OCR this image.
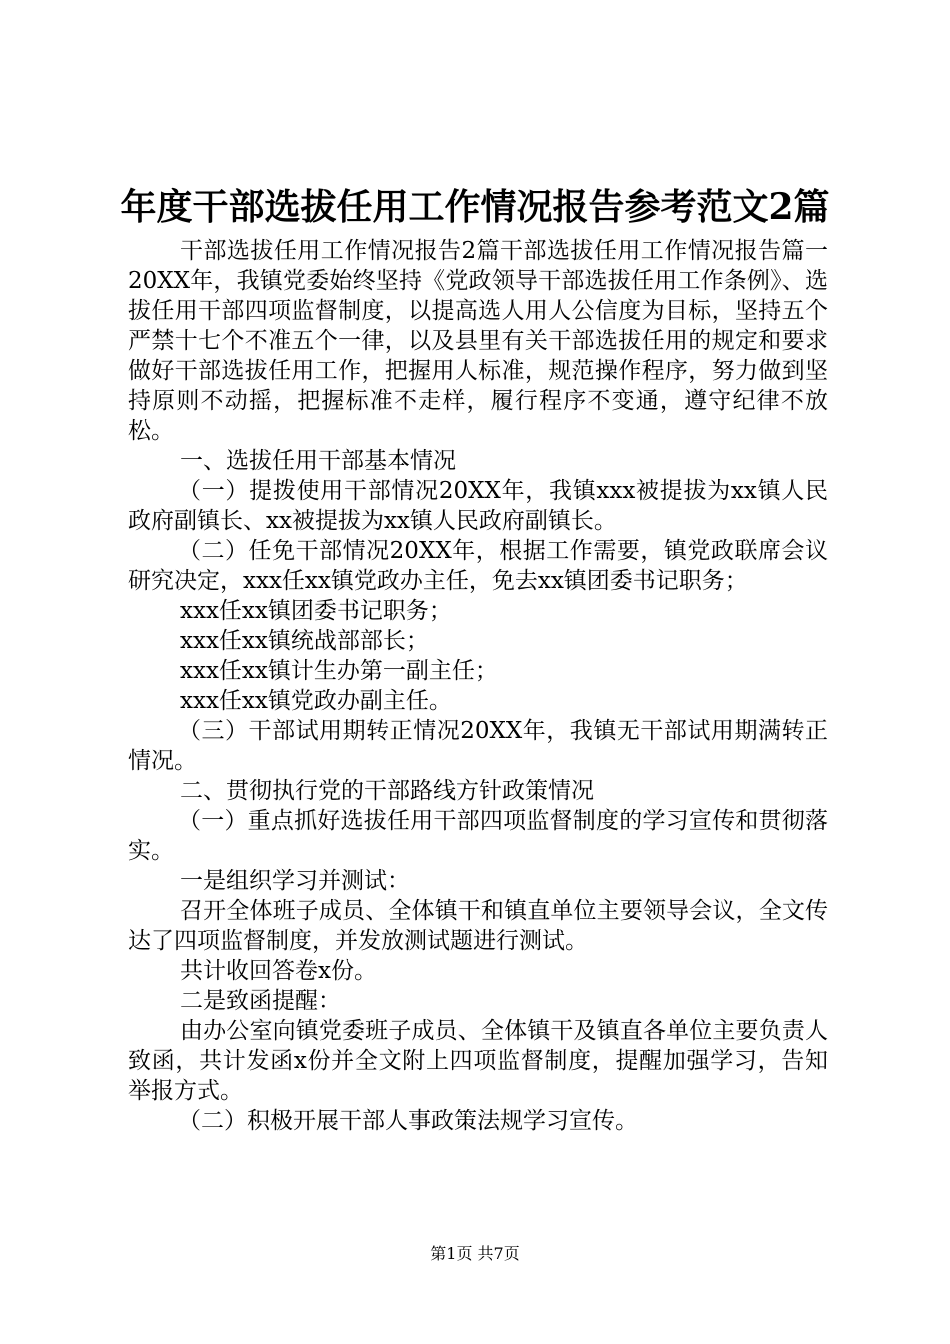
年度干部选拔任用工作情况报告参考范文2篇

干部选拔任用工作情况报告2篇干部选拔任用工作情况报告篇一20XX年，我镇党委始终坚持《党政领导干部选拔任用工作条例》、选拔任用干部四项监督制度，以提高选人用人公信度为目标，坚持五个严禁十七个不准五个一律，以及县里有关干部选拔任用的规定和要求做好干部选拔任用工作，把握用人标准，规范操作程序，努力做到坚持原则不动摇，把握标准不走样，履行程序不变通，遵守纪律不放松。

一、选拔任用干部基本情况

（一）提拨使用干部情况20XX年，我镇xxx被提拔为xx镇人民政府副镇长、xx被提拔为xx镇人民政府副镇长。

（二）任免干部情况20XX年，根据工作需要，镇党政联席会议研究决定，xxx任xx镇党政办主任，免去xx镇团委书记职务；

xxx任xx镇团委书记职务；

xxx任xx镇统战部部长；

xxx任xx镇计生办第一副主任；

xxx任xx镇党政办副主任。

（三）干部试用期转正情况20XX年，我镇无干部试用期满转正情况。

二、贯彻执行党的干部路线方针政策情况

（一）重点抓好选拔任用干部四项监督制度的学习宣传和贯彻落实。

一是组织学习并测试：

召开全体班子成员、全体镇干和镇直单位主要领导会议，全文传达了四项监督制度，并发放测试题进行测试。

共计收回答卷x份。

二是致函提醒：

由办公室向镇党委班子成员、全体镇干及镇直各单位主要负责人致函，共计发函x份并全文附上四项监督制度，提醒加强学习，告知举报方式。

（二）积极开展干部人事政策法规学习宣传。

第1页 共7页
